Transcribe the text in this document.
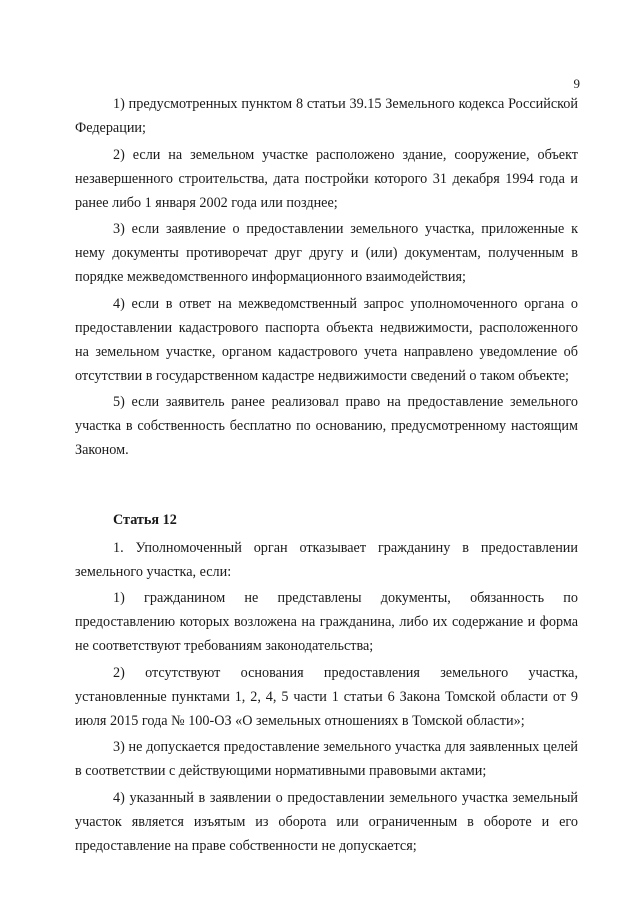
9

1) предусмотренных пунктом 8 статьи 39.15 Земельного кодекса Российской Федерации;

2) если на земельном участке расположено здание, сооружение, объект незавершенного строительства, дата постройки которого 31 декабря 1994 года и ранее либо 1 января 2002 года или позднее;

3) если заявление о предоставлении земельного участка, приложенные к нему документы противоречат друг другу и (или) документам, полученным в порядке межведомственного информационного взаимодействия;

4) если в ответ на межведомственный запрос уполномоченного органа о предоставлении кадастрового паспорта объекта недвижимости, расположенного на земельном участке, органом кадастрового учета направлено уведомление об отсутствии в государственном кадастре недвижимости сведений о таком объекте;

5) если заявитель ранее реализовал право на предоставление земельного участка в собственность бесплатно по основанию, предусмотренному настоящим Законом.

Статья 12

1. Уполномоченный орган отказывает гражданину в предоставлении земельного участка, если:

1) гражданином не представлены документы, обязанность по предоставлению которых возложена на гражданина, либо их содержание и форма не соответствуют требованиям законодательства;

2) отсутствуют основания предоставления земельного участка, установленные пунктами 1, 2, 4, 5 части 1 статьи 6 Закона Томской области от 9 июля 2015 года № 100-ОЗ «О земельных отношениях в Томской области»;

3) не допускается предоставление земельного участка для заявленных целей в соответствии с действующими нормативными правовыми актами;

4) указанный в заявлении о предоставлении земельного участка земельный участок является изъятым из оборота или ограниченным в обороте и его предоставление на праве собственности не допускается;
